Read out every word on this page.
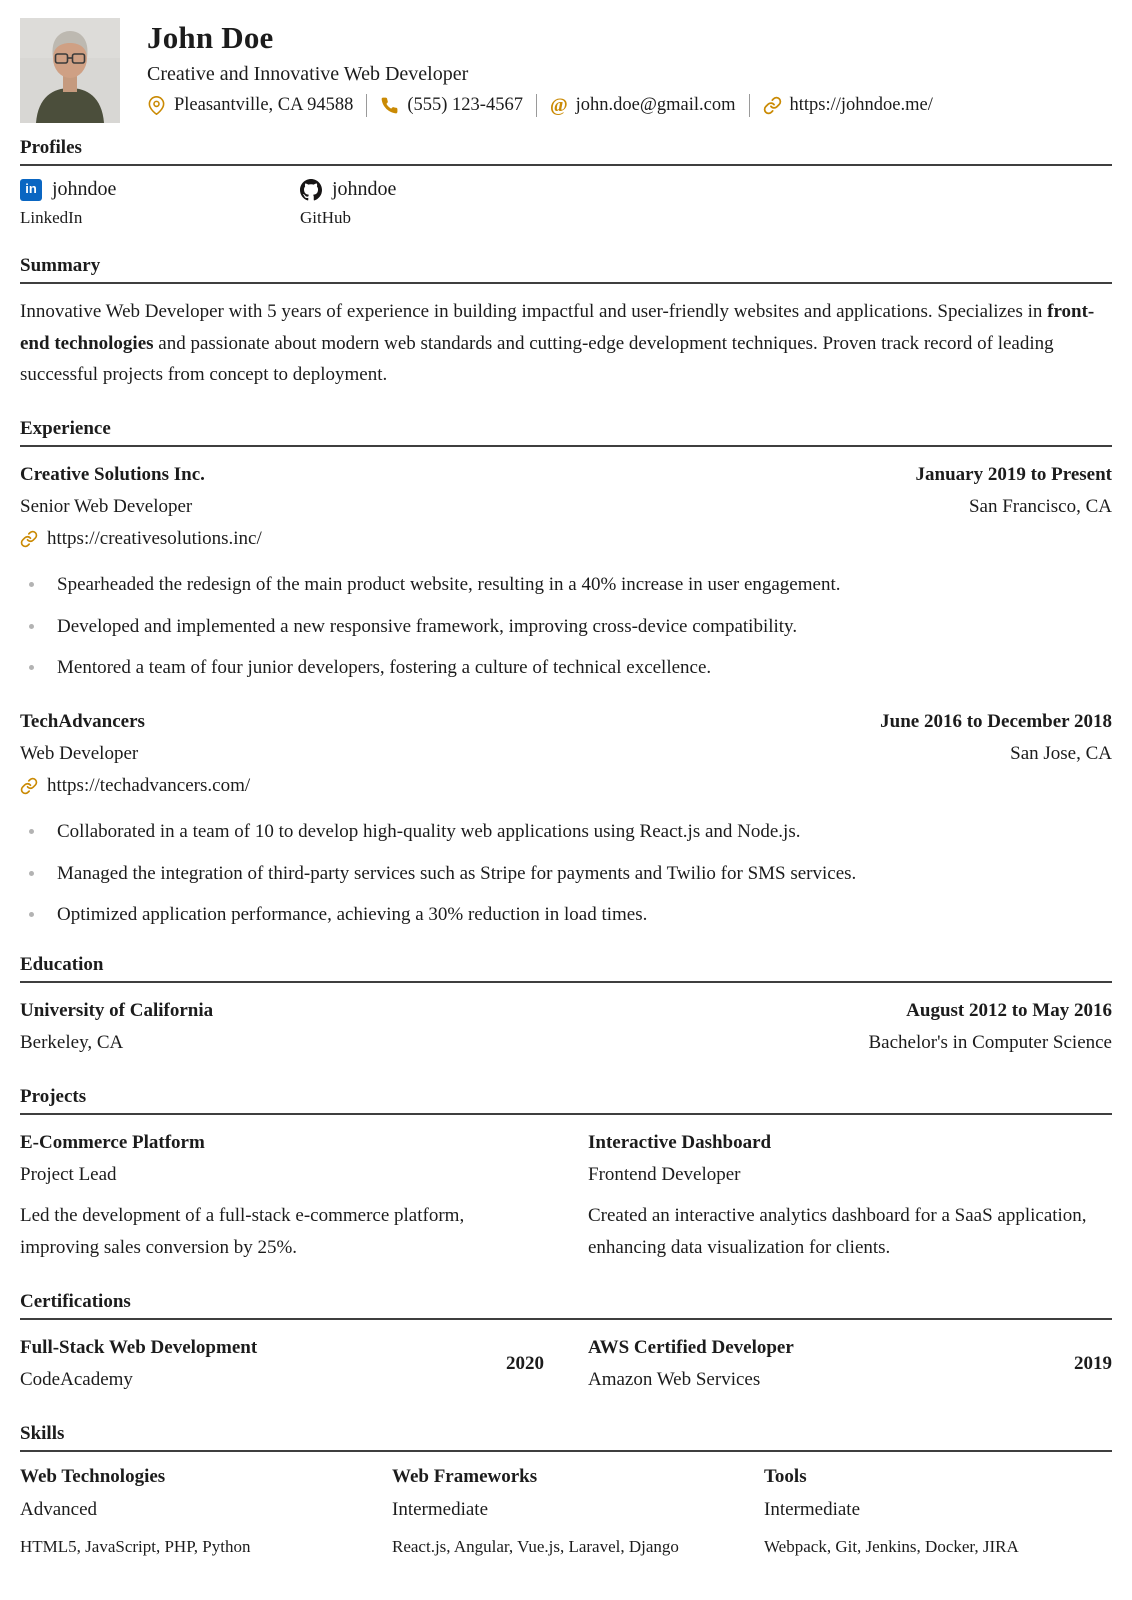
John Doe
Creative and Innovative Web Developer
Pleasantville, CA 94588	(555) 123-4567 @ john.doe@gmail.com	https://johndoe.me/
Profiles
in johndoe
LinkedIn
johndoe
GitHub
Summary
Innovative Web Developer with 5 years of experience in building impactful and user-friendly websites and applications. Specializes in front-end technologies and passionate about modern web standards and cutting-edge development techniques. Proven track record of leading successful projects from concept to deployment.
Experience
Creative Solutions Inc.	January 2019 to Present
Senior Web Developer	San Francisco, CA
https://creativesolutions.inc/
Spearheaded the redesign of the main product website, resulting in a 40% increase in user engagement.
Developed and implemented a new responsive framework, improving cross-device compatibility.
Mentored a team of four junior developers, fostering a culture of technical excellence.
TechAdvancers	June 2016 to December 2018
Web Developer	San Jose, CA
https://techadvancers.com/
Collaborated in a team of 10 to develop high-quality web applications using React.js and Node.js.
Managed the integration of third-party services such as Stripe for payments and Twilio for SMS services.
Optimized application performance, achieving a 30% reduction in load times.
Education
University of California	August 2012 to May 2016
Berkeley, CA	Bachelor's in Computer Science
Projects
E-Commerce Platform
Project Lead
Led the development of a full-stack e-commerce platform, improving sales conversion by 25%.
Interactive Dashboard
Frontend Developer
Created an interactive analytics dashboard for a SaaS application, enhancing data visualization for clients.
Certifications
Full-Stack Web Development
CodeAcademy
2020
AWS Certified Developer
Amazon Web Services
2019
Skills
Web Technologies
Advanced
HTML5, JavaScript, PHP, Python
Web Frameworks
Intermediate
React.js, Angular, Vue.js, Laravel, Django
Tools
Intermediate
Webpack, Git, Jenkins, Docker, JIRA
